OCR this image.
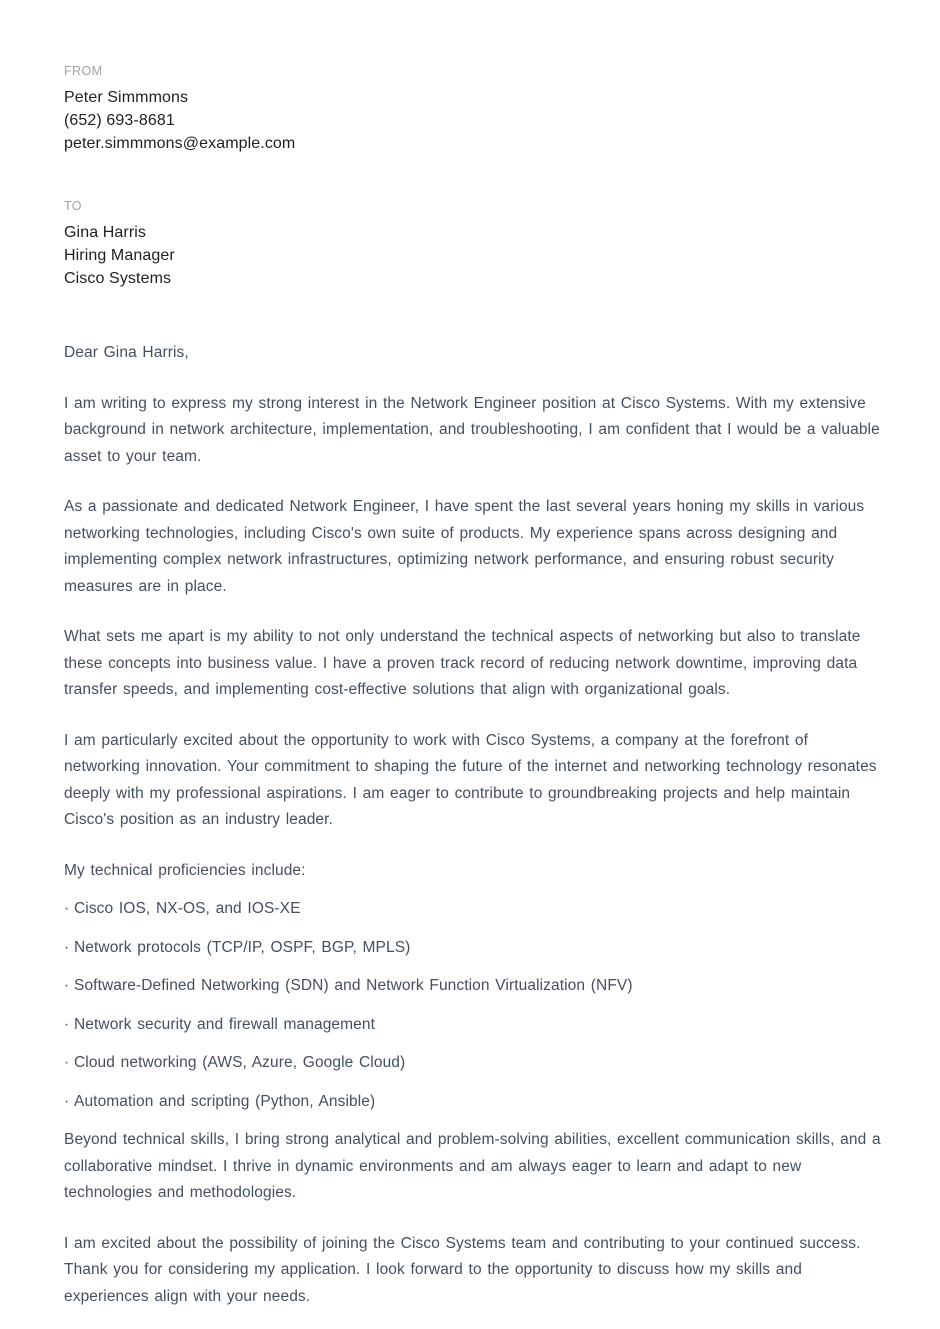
FROM
Peter Simmmons
(652) 693-8681
peter.simmmons@example.com
TO
Gina Harris
Hiring Manager
Cisco Systems
Dear Gina Harris,
I am writing to express my strong interest in the Network Engineer position at Cisco Systems. With my extensive background in network architecture, implementation, and troubleshooting, I am confident that I would be a valuable asset to your team.
As a passionate and dedicated Network Engineer, I have spent the last several years honing my skills in various networking technologies, including Cisco's own suite of products. My experience spans across designing and implementing complex network infrastructures, optimizing network performance, and ensuring robust security measures are in place.
What sets me apart is my ability to not only understand the technical aspects of networking but also to translate these concepts into business value. I have a proven track record of reducing network downtime, improving data transfer speeds, and implementing cost-effective solutions that align with organizational goals.
I am particularly excited about the opportunity to work with Cisco Systems, a company at the forefront of networking innovation. Your commitment to shaping the future of the internet and networking technology resonates deeply with my professional aspirations. I am eager to contribute to groundbreaking projects and help maintain Cisco's position as an industry leader.
My technical proficiencies include:
· Cisco IOS, NX-OS, and IOS-XE
· Network protocols (TCP/IP, OSPF, BGP, MPLS)
· Software-Defined Networking (SDN) and Network Function Virtualization (NFV)
· Network security and firewall management
· Cloud networking (AWS, Azure, Google Cloud)
· Automation and scripting (Python, Ansible)
Beyond technical skills, I bring strong analytical and problem-solving abilities, excellent communication skills, and a collaborative mindset. I thrive in dynamic environments and am always eager to learn and adapt to new technologies and methodologies.
I am excited about the possibility of joining the Cisco Systems team and contributing to your continued success. Thank you for considering my application. I look forward to the opportunity to discuss how my skills and experiences align with your needs.
